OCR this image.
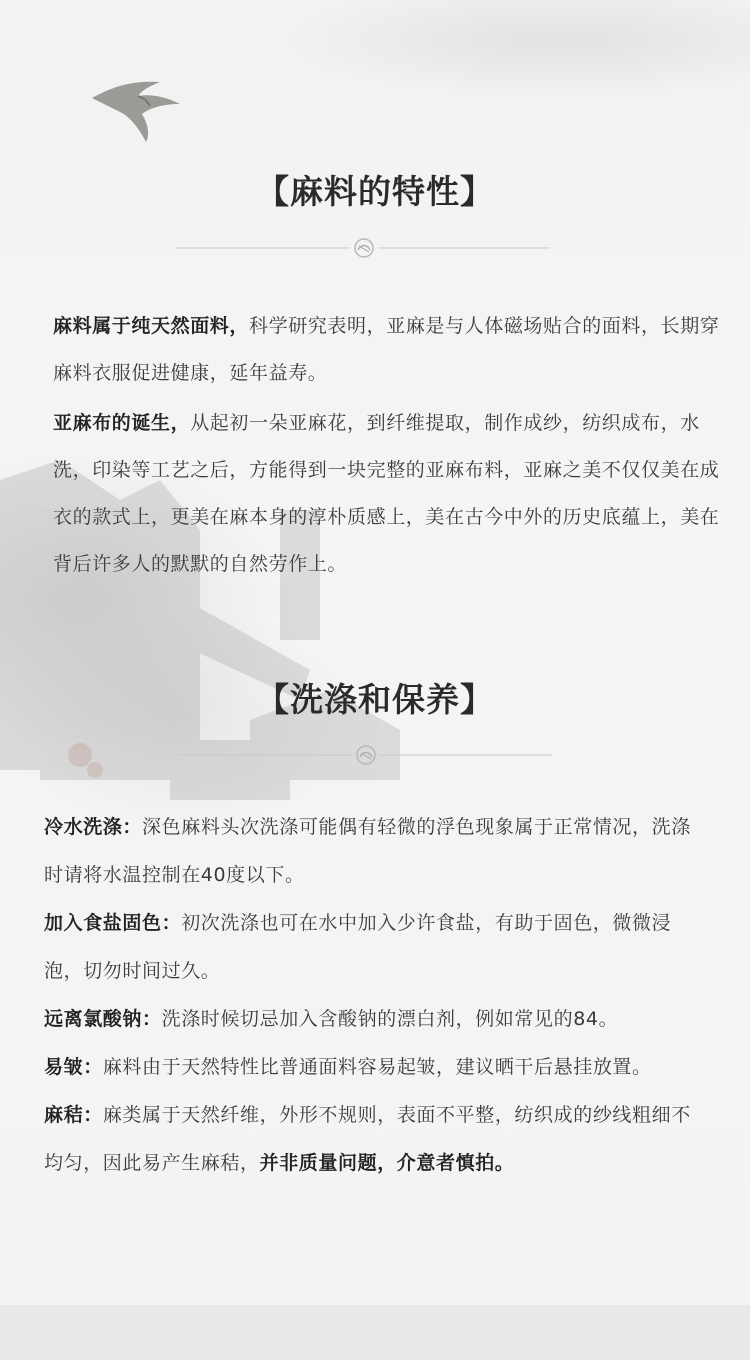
【麻料的特性】

麻料属于纯天然面料，科学研究表明，亚麻是与人体磁场贴合的面料，长期穿麻料衣服促进健康，延年益寿。

亚麻布的诞生，从起初一朵亚麻花，到纤维提取，制作成纱，纺织成布，水洗，印染等工艺之后，方能得到一块完整的亚麻布料，亚麻之美不仅仅美在成衣的款式上，更美在麻本身的淳朴质感上，美在古今中外的历史底蕴上，美在背后许多人的默默的自然劳作上。

【洗涤和保养】

冷水洗涤：深色麻料头次洗涤可能偶有轻微的浮色现象属于正常情况，洗涤时请将水温控制在40度以下。

加入食盐固色：初次洗涤也可在水中加入少许食盐，有助于固色，微微浸泡，切勿时间过久。

远离氯酸钠：洗涤时候切忌加入含酸钠的漂白剂，例如常见的84。

易皱：麻料由于天然特性比普通面料容易起皱，建议晒干后悬挂放置。

麻秸：麻类属于天然纤维，外形不规则，表面不平整，纺织成的纱线粗细不均匀，因此易产生麻秸，并非质量问题，介意者慎拍。
